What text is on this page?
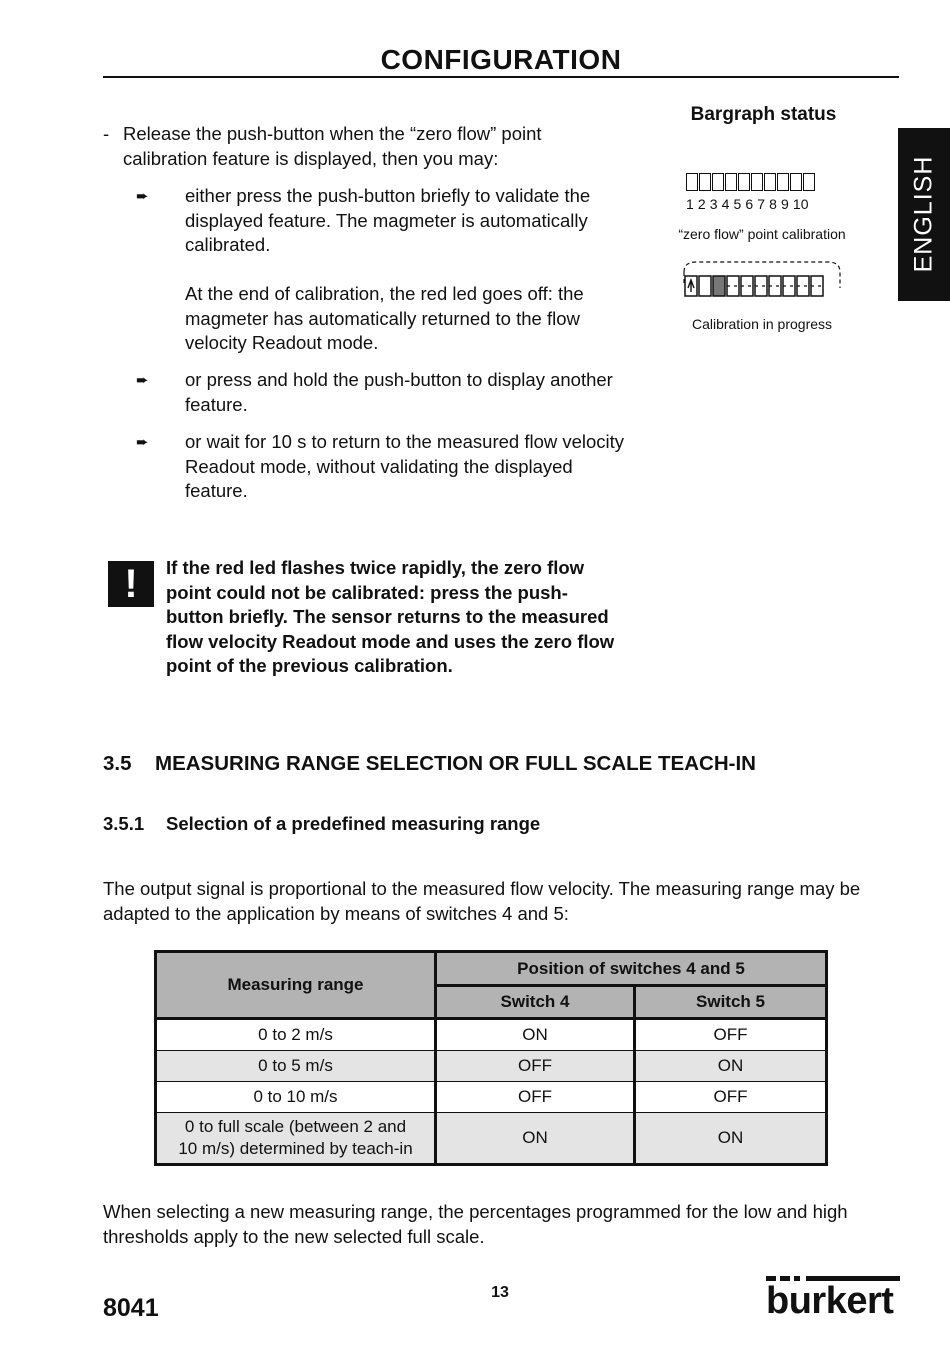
CONFIGURATION
ENGLISH
- Release the push-button when the “zero flow” point calibration feature is displayed, then you may:
➨ either press the push-button briefly to validate the displayed feature. The magmeter is automatically calibrated.
At the end of calibration, the red led goes off: the magmeter has automatically returned to the flow velocity Readout mode.
➨ or press and hold the push-button to display another feature.
➨ or wait for 10 s to return to the measured flow velocity Readout mode, without validating the displayed feature.
!	If the red led flashes twice rapidly, the zero flow point could not be calibrated: press the push-button briefly. The sensor returns to the measured flow velocity Readout mode and uses the zero flow point of the previous calibration.
Bargraph status
1 2 3 4 5 6 7 8 9 10
“zero flow” point calibration
Calibration in progress
3.5 MEASURING RANGE SELECTION OR FULL SCALE TEACH-IN
3.5.1 Selection of a predefined measuring range
The output signal is proportional to the measured flow velocity. The measuring range may be adapted to the application by means of switches 4 and 5:
Measuring range	Position of switches 4 and 5	
	Switch 4	Switch 5
0 to 2 m/s	ON	OFF
0 to 5 m/s	OFF	ON
0 to 10 m/s	OFF	OFF
0 to full scale (between 2 and
10 m/s) determined by teach-in	ON	ON
When selecting a new measuring range, the percentages programmed for the low and high thresholds apply to the new selected full scale.
8041
13	burkert
